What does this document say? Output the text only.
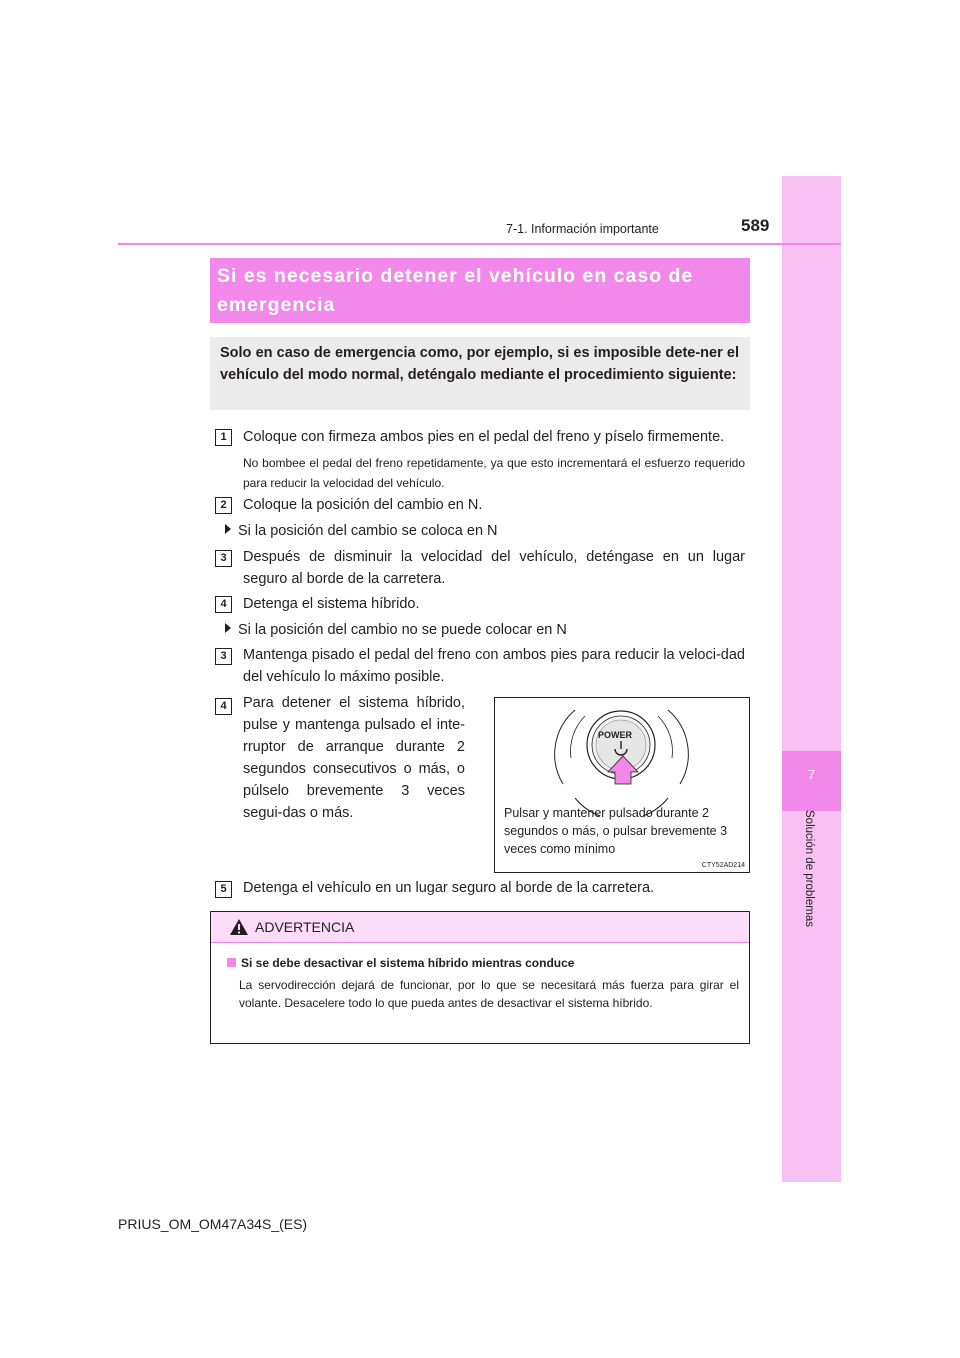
7
Solución de problemas
7-1. Información importante	589
Si es necesario detener el vehículo en caso de emergencia
Solo en caso de emergencia como, por ejemplo, si es imposible dete-ner el vehículo del modo normal, deténgalo mediante el procedimiento siguiente:
1	Coloque con firmeza ambos pies en el pedal del freno y píselo firmemente.
No bombee el pedal del freno repetidamente, ya que esto incrementará el esfuerzo requerido para reducir la velocidad del vehículo.
2	Coloque la posición del cambio en N.
Si la posición del cambio se coloca en N
3	Después de disminuir la velocidad del vehículo, deténgase en un lugar seguro al borde de la carretera.
4	Detenga el sistema híbrido.
Si la posición del cambio no se puede colocar en N
3	Mantenga pisado el pedal del freno con ambos pies para reducir la veloci-dad del vehículo lo máximo posible.
4	Para detener el sistema híbrido, pulse y mantenga pulsado el inte-rruptor de arranque durante 2 segundos consecutivos o más, o púlselo brevemente 3 veces segui-das o más.
POWER
Pulsar y mantener pulsado durante 2 segundos o más, o pulsar brevemente 3 veces como mínimo
CTY52AD214
5	Detenga el vehículo en un lugar seguro al borde de la carretera.
ADVERTENCIA
Si se debe desactivar el sistema híbrido mientras conduce
La servodirección dejará de funcionar, por lo que se necesitará más fuerza para girar el volante. Desacelere todo lo que pueda antes de desactivar el sistema híbrido.
PRIUS_OM_OM47A34S_(ES)
